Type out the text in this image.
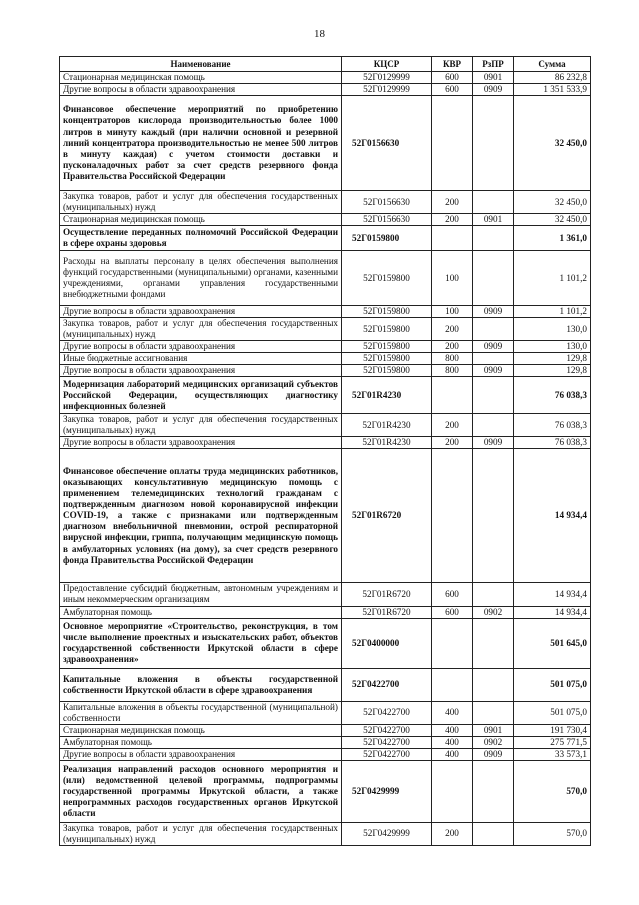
18
Наименование	КЦСР	КВР	РзПР	Сумма
Стационарная медицинская помощь	52Г0129999	600	0901	86 232,8
Другие вопросы в области здравоохранения	52Г0129999	600	0909	1 351 533,9
Финансовое обеспечение мероприятий по приобретению концентраторов кислорода производительностью более 1000 литров в минуту каждый (при наличии основной и резервной линий концентратора производительностью не менее 500 литров в минуту каждая) с учетом стоимости доставки и пусконаладочных работ за счет средств резервного фонда Правительства Российской Федерации	52Г0156630			32 450,0
Закупка товаров, работ и услуг для обеспечения государственных (муниципальных) нужд	52Г0156630	200		32 450,0
Стационарная медицинская помощь	52Г0156630	200	0901	32 450,0
Осуществление переданных полномочий Российской Федерации в сфере охраны здоровья	52Г0159800			1 361,0
Расходы на выплаты персоналу в целях обеспечения выполнения функций государственными (муниципальными) органами, казенными учреждениями, органами управления государственными внебюджетными фондами	52Г0159800	100		1 101,2
Другие вопросы в области здравоохранения	52Г0159800	100	0909	1 101,2
Закупка товаров, работ и услуг для обеспечения государственных (муниципальных) нужд	52Г0159800	200		130,0
Другие вопросы в области здравоохранения	52Г0159800	200	0909	130,0
Иные бюджетные ассигнования	52Г0159800	800		129,8
Другие вопросы в области здравоохранения	52Г0159800	800	0909	129,8
Модернизация лабораторий медицинских организаций субъектов Российской Федерации, осуществляющих диагностику инфекционных болезней	52Г01R4230			76 038,3
Закупка товаров, работ и услуг для обеспечения государственных (муниципальных) нужд	52Г01R4230	200		76 038,3
Другие вопросы в области здравоохранения	52Г01R4230	200	0909	76 038,3
Финансовое обеспечение оплаты труда медицинских работников, оказывающих консультативную медицинскую помощь с применением телемедицинских технологий гражданам с подтвержденным диагнозом новой коронавирусной инфекции COVID-19, а также с признаками или подтвержденным диагнозом внебольничной пневмонии, острой респираторной вирусной инфекции, гриппа, получающим медицинскую помощь в амбулаторных условиях (на дому), за счет средств резервного фонда Правительства Российской Федерации	52Г01R6720			14 934,4
Предоставление субсидий бюджетным, автономным учреждениям и иным некоммерческим организациям	52Г01R6720	600		14 934,4
Амбулаторная помощь	52Г01R6720	600	0902	14 934,4
Основное мероприятие «Строительство, реконструкция, в том числе выполнение проектных и изыскательских работ, объектов государственной собственности Иркутской области в сфере здравоохранения»	52Г0400000			501 645,0
Капитальные вложения в объекты государственной собственности Иркутской области в сфере здравоохранения	52Г0422700			501 075,0
Капитальные вложения в объекты государственной (муниципальной) собственности	52Г0422700	400		501 075,0
Стационарная медицинская помощь	52Г0422700	400	0901	191 730,4
Амбулаторная помощь	52Г0422700	400	0902	275 771,5
Другие вопросы в области здравоохранения	52Г0422700	400	0909	33 573,1
Реализация направлений расходов основного мероприятия и (или) ведомственной целевой программы, подпрограммы государственной программы Иркутской области, а также непрограммных расходов государственных органов Иркутской области	52Г0429999			570,0
Закупка товаров, работ и услуг для обеспечения государственных (муниципальных) нужд	52Г0429999	200		570,0
